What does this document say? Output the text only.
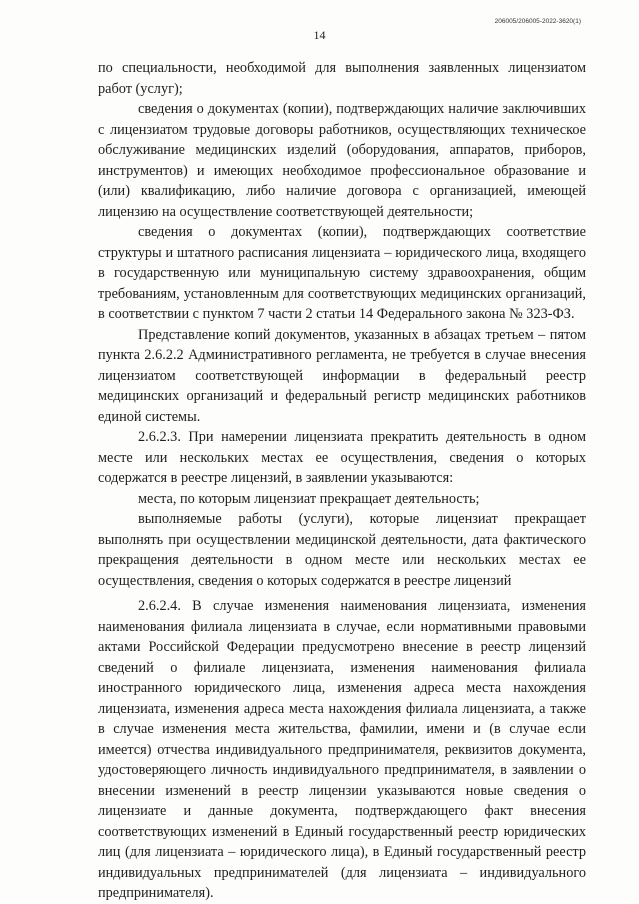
14
206005/206005-2022-3620(1)

по специальности, необходимой для выполнения заявленных лицензиатом работ (услуг);

сведения о документах (копии), подтверждающих наличие заключивших с лицензиатом трудовые договоры работников, осуществляющих техническое обслуживание медицинских изделий (оборудования, аппаратов, приборов, инструментов) и имеющих необходимое профессиональное образование и (или) квалификацию, либо наличие договора с организацией, имеющей лицензию на осуществление соответствующей деятельности;

сведения о документах (копии), подтверждающих соответствие структуры и штатного расписания лицензиата – юридического лица, входящего в государственную или муниципальную систему здравоохранения, общим требованиям, установленным для соответствующих медицинских организаций, в соответствии с пунктом 7 части 2 статьи 14 Федерального закона № 323-ФЗ.

Представление копий документов, указанных в абзацах третьем – пятом пункта 2.6.2.2 Административного регламента, не требуется в случае внесения лицензиатом соответствующей информации в федеральный реестр медицинских организаций и федеральный регистр медицинских работников единой системы.

2.6.2.3. При намерении лицензиата прекратить деятельность в одном месте или нескольких местах ее осуществления, сведения о которых содержатся в реестре лицензий, в заявлении указываются:

места, по которым лицензиат прекращает деятельность;

выполняемые работы (услуги), которые лицензиат прекращает выполнять при осуществлении медицинской деятельности, дата фактического прекращения деятельности в одном месте или нескольких местах ее осуществления, сведения о которых содержатся в реестре лицензий

2.6.2.4. В случае изменения наименования лицензиата, изменения наименования филиала лицензиата в случае, если нормативными правовыми актами Российской Федерации предусмотрено внесение в реестр лицензий сведений о филиале лицензиата, изменения наименования филиала иностранного юридического лица, изменения адреса места нахождения лицензиата, изменения адреса места нахождения филиала лицензиата, а также в случае изменения места жительства, фамилии, имени и (в случае если имеется) отчества индивидуального предпринимателя, реквизитов документа, удостоверяющего личность индивидуального предпринимателя, в заявлении о внесении изменений в реестр лицензии указываются новые сведения о лицензиате и данные документа, подтверждающего факт внесения соответствующих изменений в Единый государственный реестр юридических лиц (для лицензиата – юридического лица), в Единый государственный реестр индивидуальных предпринимателей (для лицензиата – индивидуального предпринимателя).
